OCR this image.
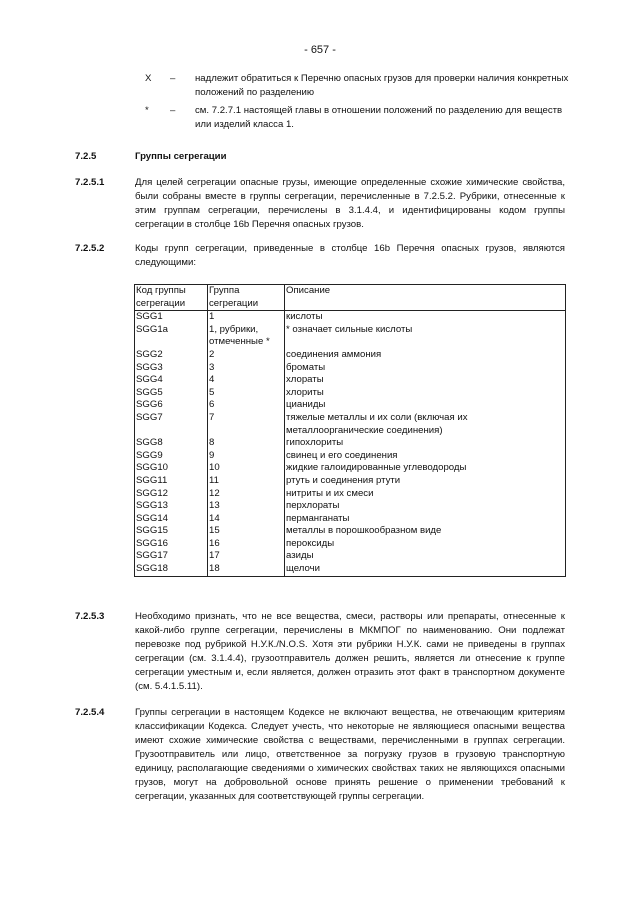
- 657 -
X – надлежит обратиться к Перечню опасных грузов для проверки наличия конкретных положений по разделению
* – см. 7.2.7.1 настоящей главы в отношении положений по разделению для веществ или изделий класса 1.
7.2.5	Группы сегрегации
7.2.5.1	Для целей сегрегации опасные грузы, имеющие определенные схожие химические свойства, были собраны вместе в группы сегрегации, перечисленные в 7.2.5.2. Рубрики, отнесенные к этим группам сегрегации, перечислены в 3.1.4.4, и идентифицированы кодом группы сегрегации в столбце 16b Перечня опасных грузов.
7.2.5.2	Коды групп сегрегации, приведенные в столбце 16b Перечня опасных грузов, являются следующими:
Код группы сегрегации	Группа сегрегации	Описание
SGG1	1	кислоты
SGG1a	1, рубрики, отмеченные *	* означает сильные кислоты
SGG2	2	соединения аммония
SGG3	3	броматы
SGG4	4	хлораты
SGG5	5	хлориты
SGG6	6	цианиды
SGG7	7	тяжелые металлы и их соли (включая их металлоорганические соединения)
SGG8	8	гипохлориты
SGG9	9	свинец и его соединения
SGG10	10	жидкие галоидированные углеводороды
SGG11	11	ртуть и соединения ртути
SGG12	12	нитриты и их смеси
SGG13	13	перхлораты
SGG14	14	перманганаты
SGG15	15	металлы в порошкообразном виде
SGG16	16	пероксиды
SGG17	17	азиды
SGG18	18	щелочи
7.2.5.3	Необходимо признать, что не все вещества, смеси, растворы или препараты, отнесенные к какой-либо группе сегрегации, перечислены в МКМПОГ по наименованию. Они подлежат перевозке под рубрикой Н.У.К./N.O.S. Хотя эти рубрики Н.У.К. сами не приведены в группах сегрегации (см. 3.1.4.4), грузоотправитель должен решить, является ли отнесение к группе сегрегации уместным и, если является, должен отразить этот факт в транспортном документе (см. 5.4.1.5.11).
7.2.5.4	Группы сегрегации в настоящем Кодексе не включают вещества, не отвечающим критериям классификации Кодекса. Следует учесть, что некоторые не являющиеся опасными вещества имеют схожие химические свойства с веществами, перечисленными в группах сегрегации. Грузоотправитель или лицо, ответственное за погрузку грузов в грузовую транспортную единицу, располагающие сведениями о химических свойствах таких не являющихся опасными грузов, могут на добровольной основе принять решение о применении требований к сегрегации, указанных для соответствующей группы сегрегации.
